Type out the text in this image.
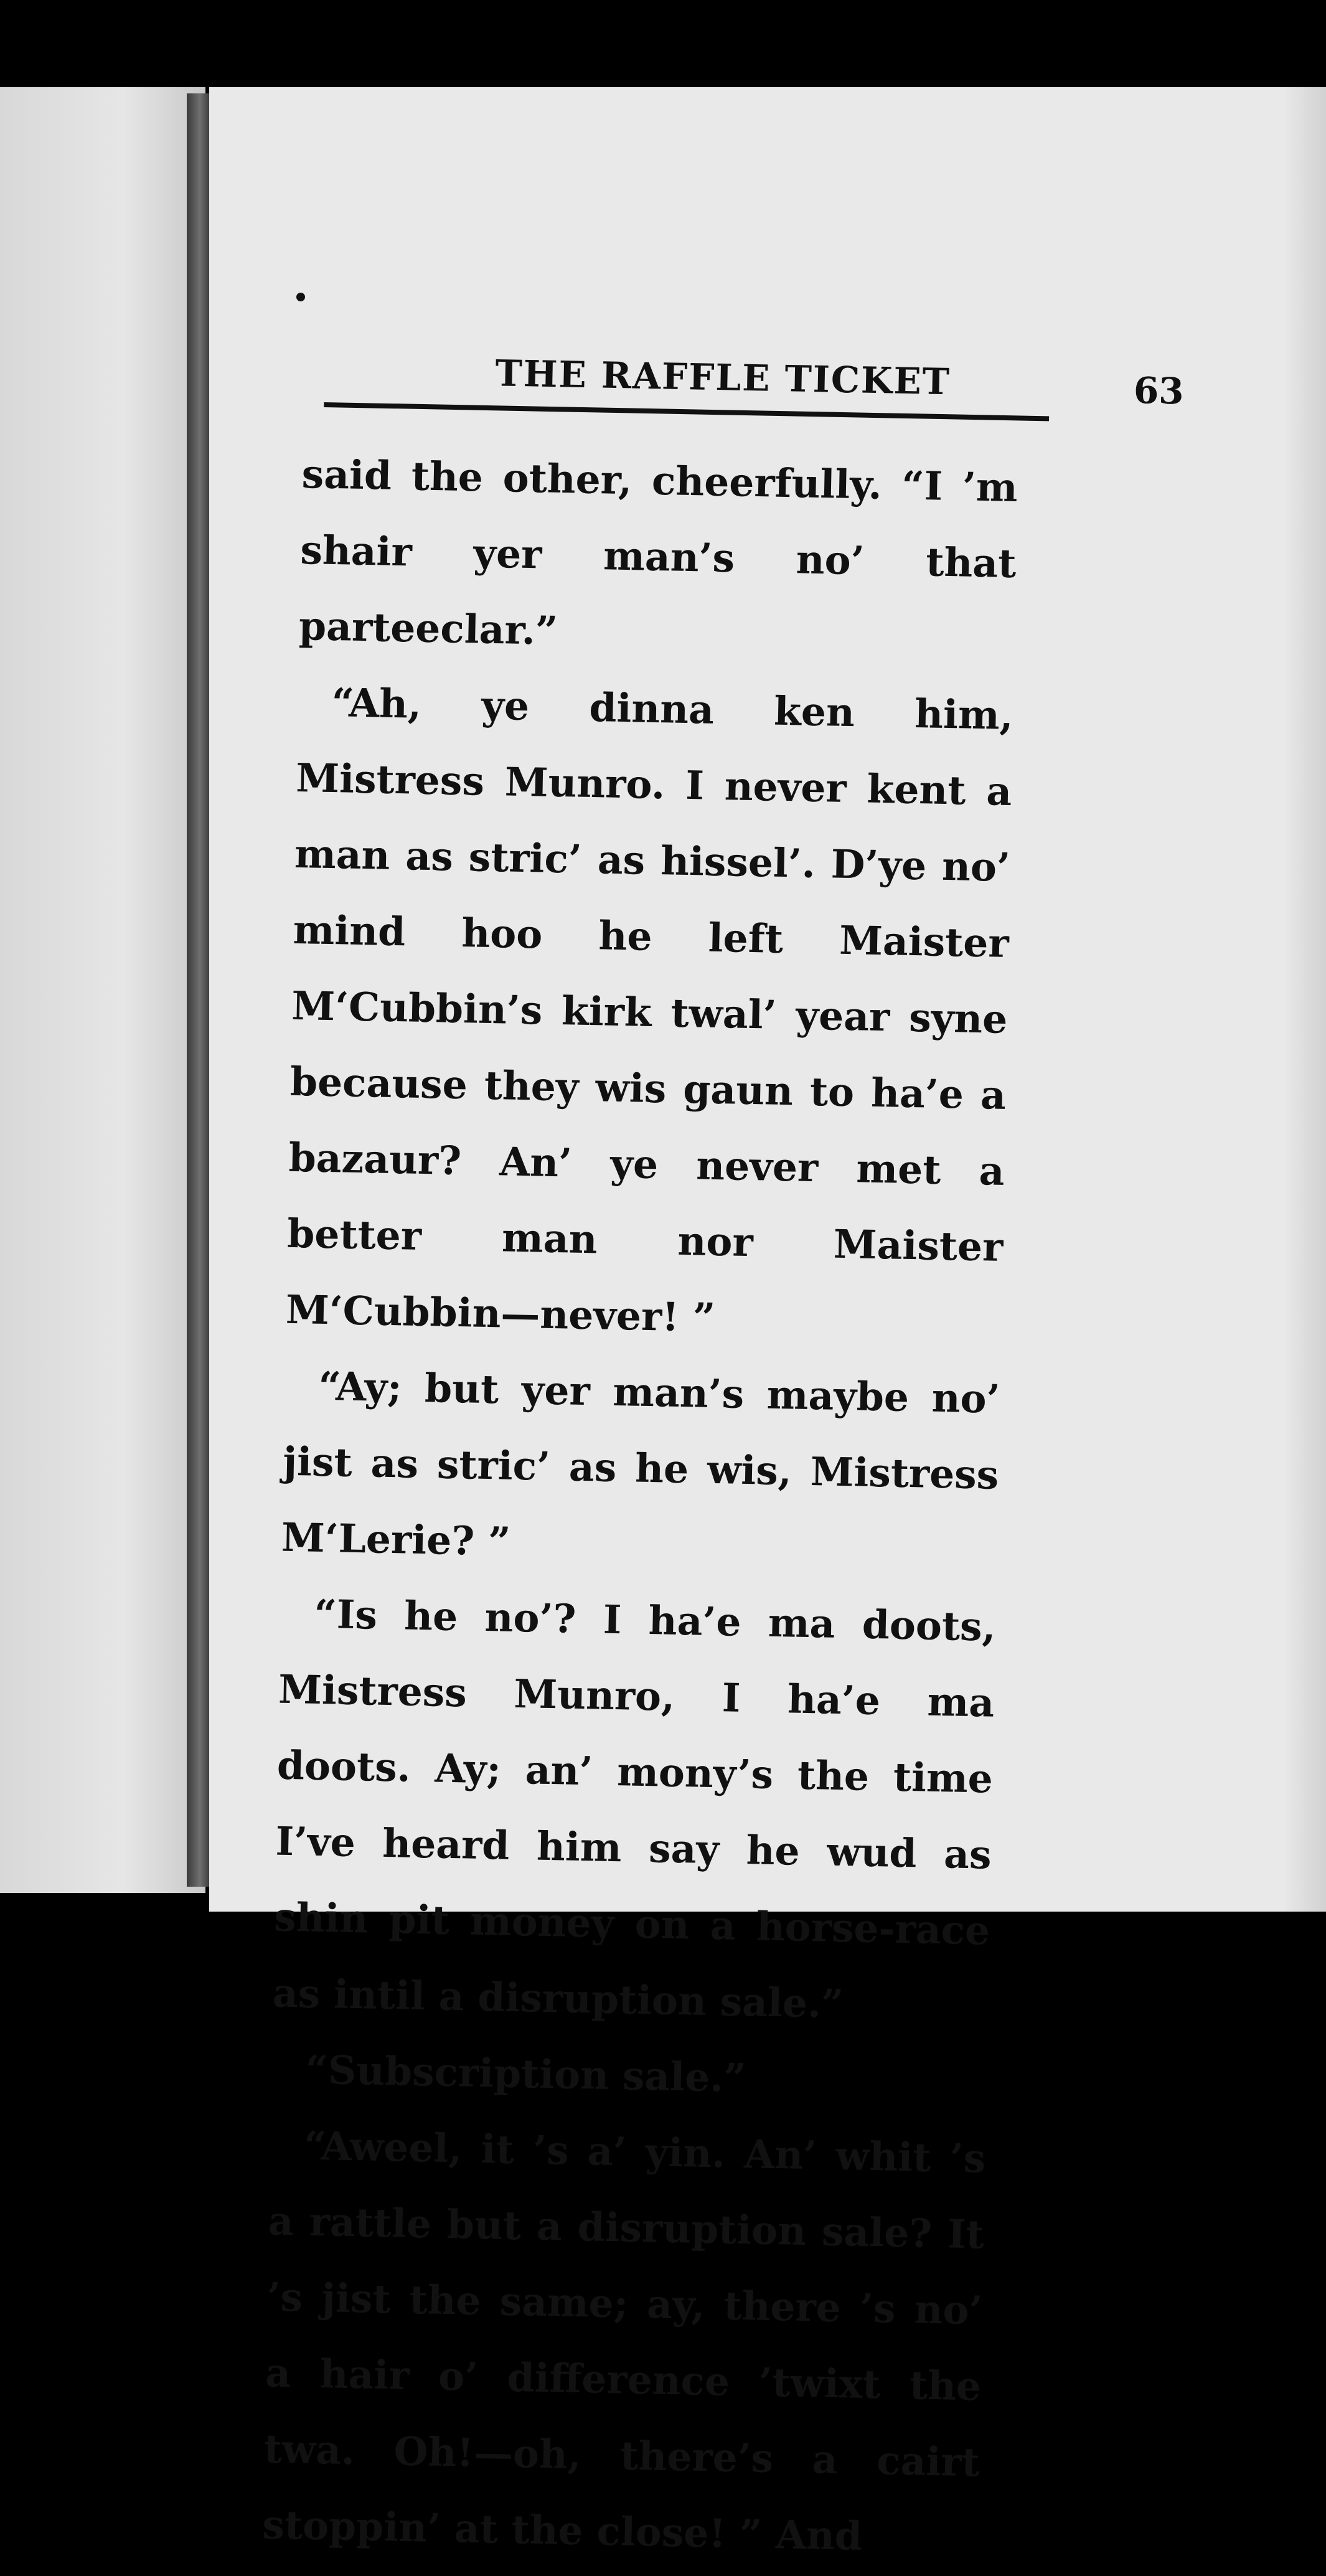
THE RAFFLE TICKET	63

said the other, cheerfully. “I ’m shair yer man’s no’ that parteeclar.”

“Ah, ye dinna ken him, Mistress Munro. I never kent a man as stric’ as hissel’. D’ye no’ mind hoo he left Maister M‘Cubbin’s kirk twal’ year syne because they wis gaun to ha’e a bazaur? An’ ye never met a better man nor Maister M‘Cubbin—never! ”

“Ay; but yer man’s maybe no’ jist as stric’ as he wis, Mistress M‘Lerie? ”

“Is he no’? I ha’e ma doots, Mistress Munro, I ha’e ma doots. Ay; an’ mony’s the time I’ve heard him say he wud as shin pit money on a horse-race as intil a disruption sale.”

“Subscription sale.”

“Aweel, it ’s a’ yin. An’ whit ’s a rattle but a disruption sale? It ’s jist the same; ay, there ’s no’ a hair o’ difference ’twixt the twa. Oh!—oh, there’s a cairt stoppin’ at the close! ” And
